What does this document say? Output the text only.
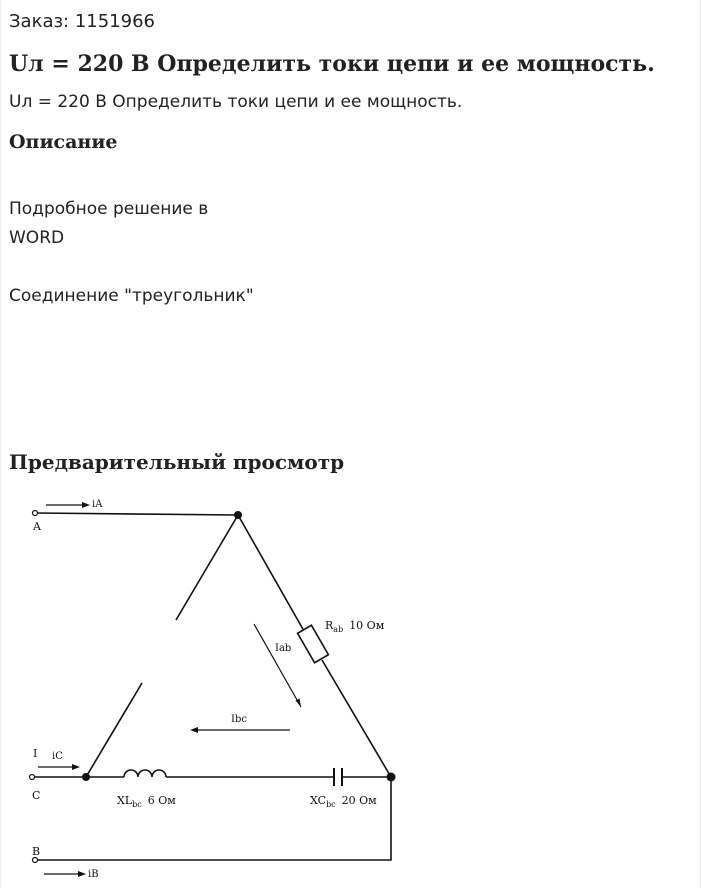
Заказ: 1151966
Uл = 220 В Определить токи цепи и ее мощность.
Uл = 220 В Определить токи цепи и ее мощность.
Описание

Подробное решение в

WORD

Соединение "треугольник"

Предварительный просмотр
A
C
B
iA
iC
I
iB
Iab
Ibc
$R_{ab}$ 10 Ом
$XL_{bc}$ 6 Ом	$XC_{bc}$ 20 Ом
